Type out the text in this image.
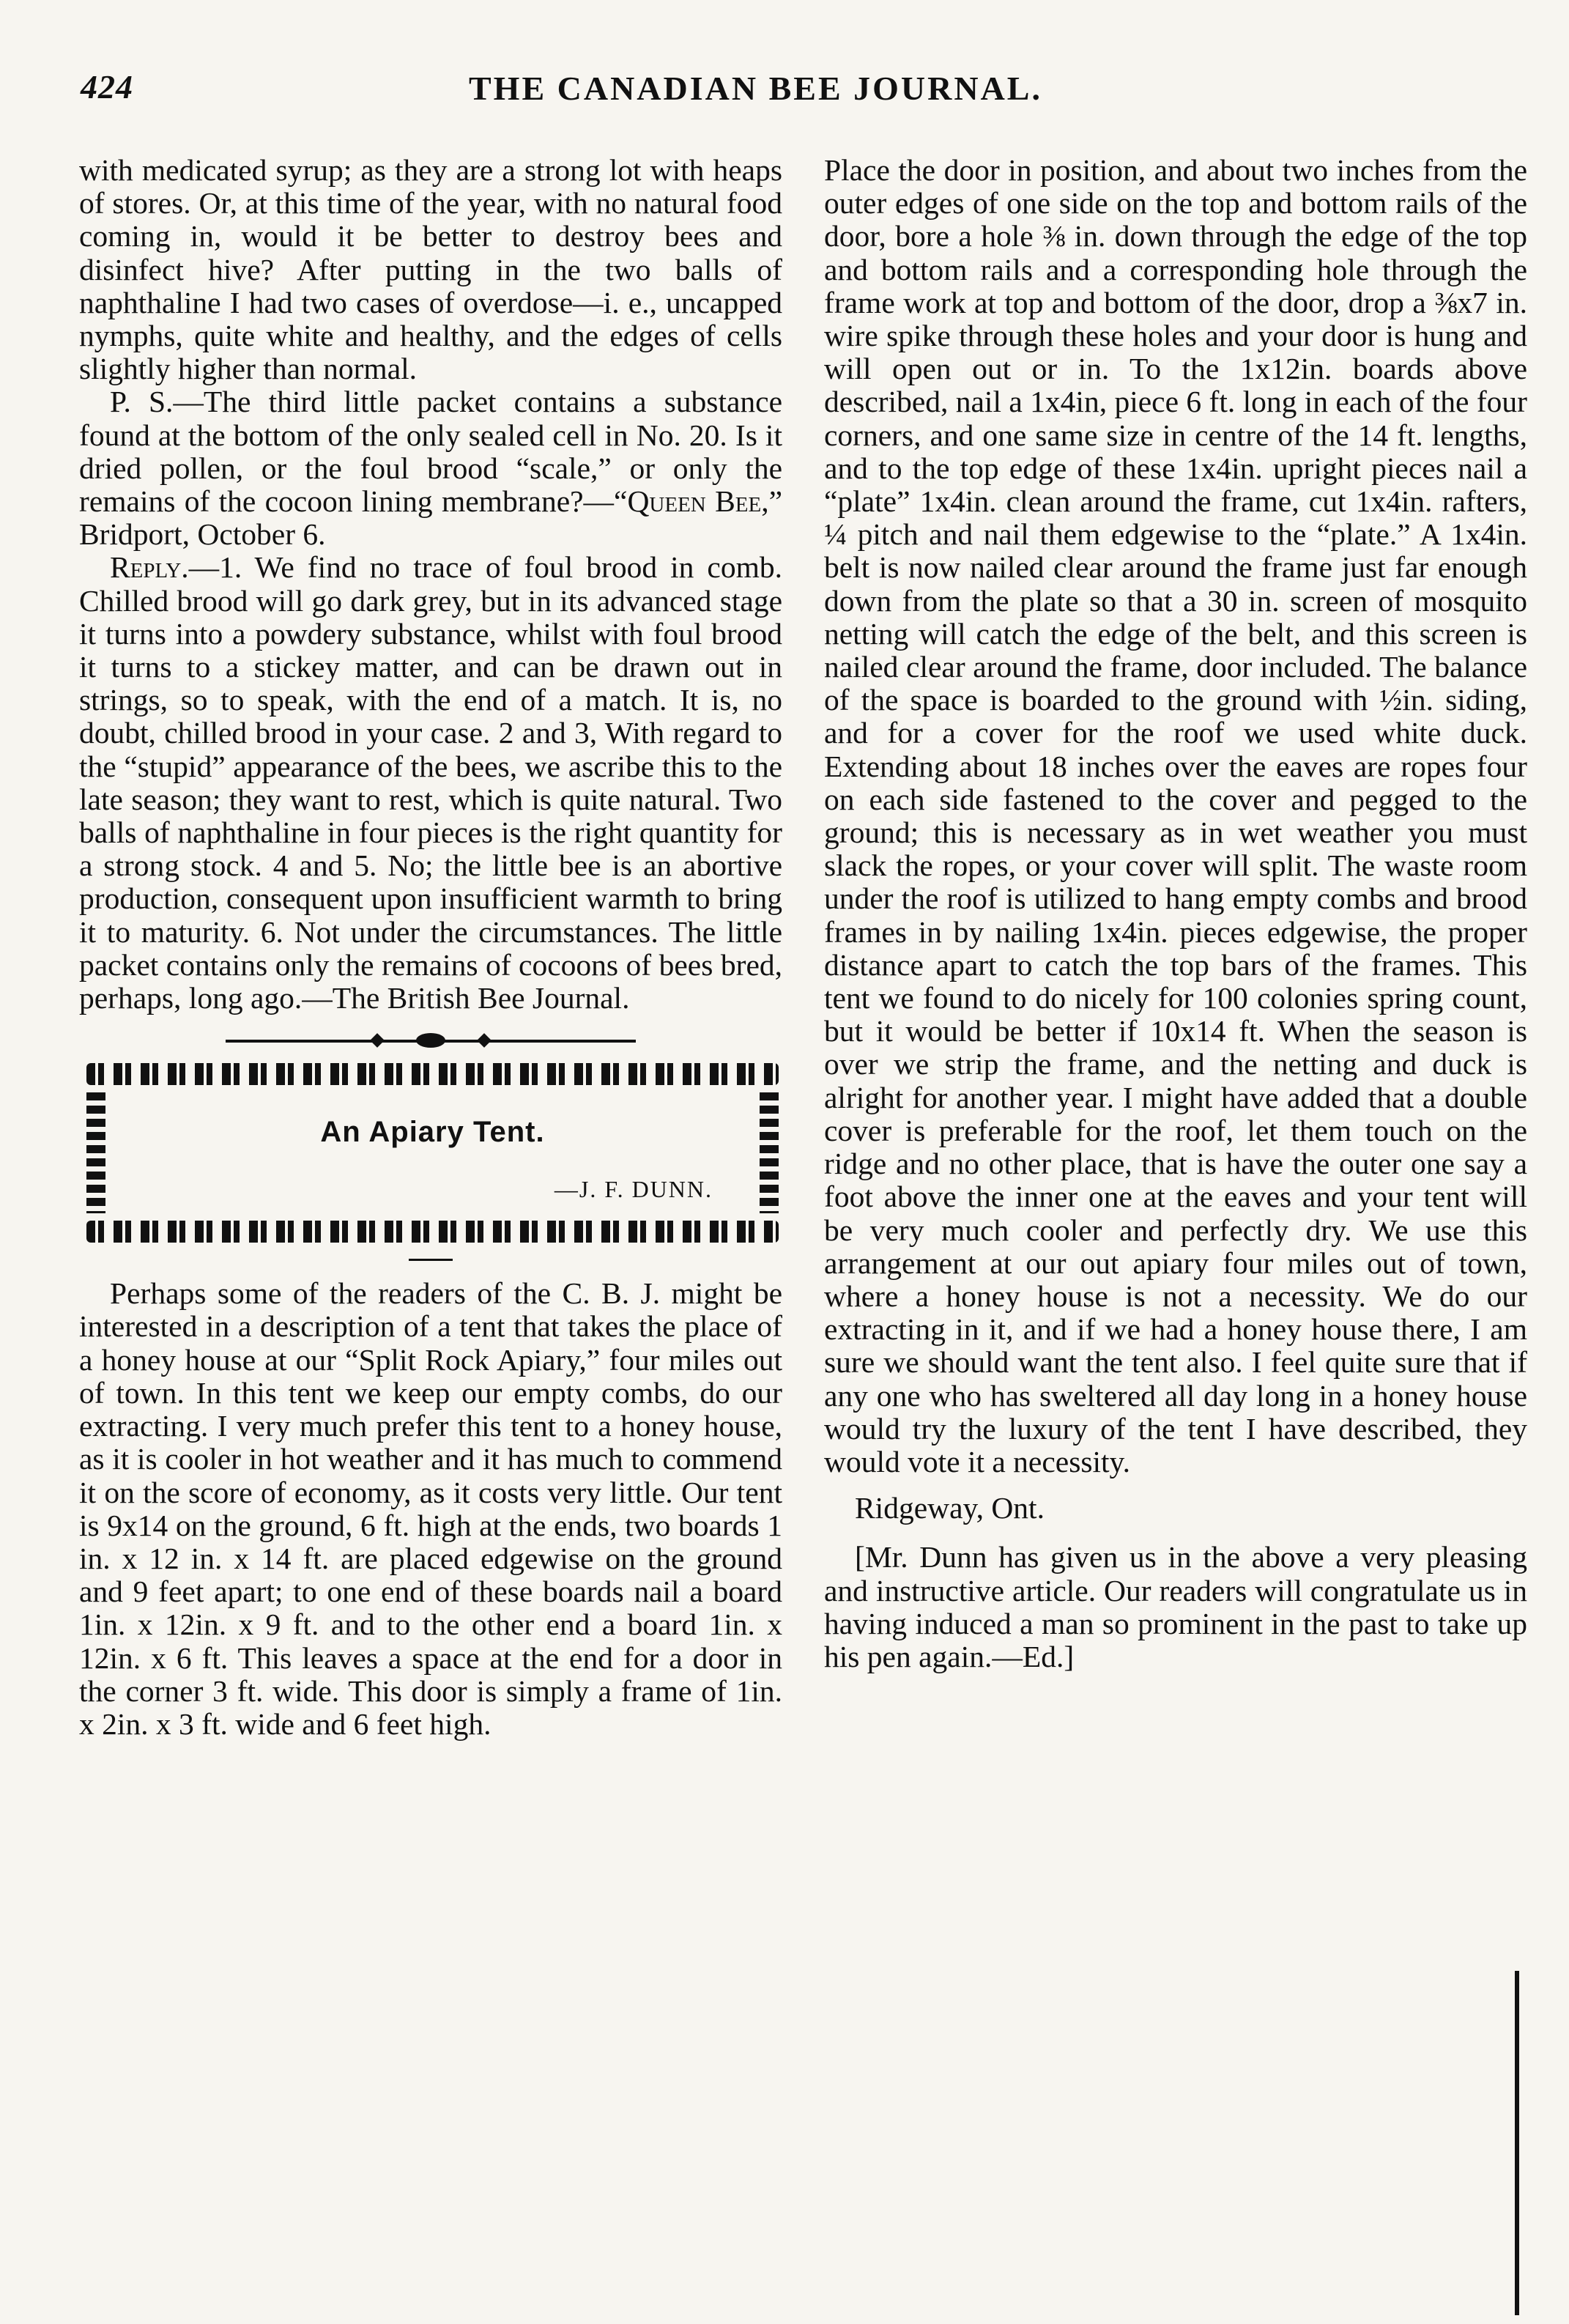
424	THE CANADIAN BEE JOURNAL.

with medicated syrup; as they are a strong lot with heaps of stores. Or, at this time of the year, with no natural food coming in, would it be better to destroy bees and disinfect hive? After putting in the two balls of naphthaline I had two cases of overdose—i. e., uncapped nymphs, quite white and healthy, and the edges of cells slightly higher than normal.

P. S.—The third little packet contains a substance found at the bottom of the only sealed cell in No. 20. Is it dried pollen, or the foul brood “scale,” or only the remains of the cocoon lining membrane?—“Queen Bee,” Bridport, October 6.

Reply.—1. We find no trace of foul brood in comb. Chilled brood will go dark grey, but in its advanced stage it turns into a powdery substance, whilst with foul brood it turns to a stickey matter, and can be drawn out in strings, so to speak, with the end of a match. It is, no doubt, chilled brood in your case. 2 and 3, With regard to the “stupid” appearance of the bees, we ascribe this to the late season; they want to rest, which is quite natural. Two balls of naphthaline in four pieces is the right quantity for a strong stock. 4 and 5. No; the little bee is an abortive production, consequent upon insufficient warmth to bring it to maturity. 6. Not under the circumstances. The little packet contains only the remains of cocoons of bees bred, perhaps, long ago.—The British Bee Journal.

An Apiary Tent.
—J. F. DUNN.

Perhaps some of the readers of the C. B. J. might be interested in a description of a tent that takes the place of a honey house at our “Split Rock Apiary,” four miles out of town. In this tent we keep our empty combs, do our extracting. I very much prefer this tent to a honey house, as it is cooler in hot weather and it has much to commend it on the score of economy, as it costs very little. Our tent is 9x14 on the ground, 6 ft. high at the ends, two boards 1 in. x 12 in. x 14 ft. are placed edgewise on the ground and 9 feet apart; to one end of these boards nail a board 1in. x 12in. x 9 ft. and to the other end a board 1in. x 12in. x 6 ft. This leaves a space at the end for a door in the corner 3 ft. wide. This door is simply a frame of 1in. x 2in. x 3 ft. wide and 6 feet high.

Place the door in position, and about two inches from the outer edges of one side on the top and bottom rails of the door, bore a hole ⅜ in. down through the edge of the top and bottom rails and a corresponding hole through the frame work at top and bottom of the door, drop a ⅜x7 in. wire spike through these holes and your door is hung and will open out or in. To the 1x12in. boards above described, nail a 1x4in, piece 6 ft. long in each of the four corners, and one same size in centre of the 14 ft. lengths, and to the top edge of these 1x4in. upright pieces nail a “plate” 1x4in. clean around the frame, cut 1x4in. rafters, ¼ pitch and nail them edgewise to the “plate.” A 1x4in. belt is now nailed clear around the frame just far enough down from the plate so that a 30 in. screen of mosquito netting will catch the edge of the belt, and this screen is nailed clear around the frame, door included. The balance of the space is boarded to the ground with ½in. siding, and for a cover for the roof we used white duck. Extending about 18 inches over the eaves are ropes four on each side fastened to the cover and pegged to the ground; this is necessary as in wet weather you must slack the ropes, or your cover will split. The waste room under the roof is utilized to hang empty combs and brood frames in by nailing 1x4in. pieces edgewise, the proper distance apart to catch the top bars of the frames. This tent we found to do nicely for 100 colonies spring count, but it would be better if 10x14 ft. When the season is over we strip the frame, and the netting and duck is alright for another year. I might have added that a double cover is preferable for the roof, let them touch on the ridge and no other place, that is have the outer one say a foot above the inner one at the eaves and your tent will be very much cooler and perfectly dry. We use this arrangement at our out apiary four miles out of town, where a honey house is not a necessity. We do our extracting in it, and if we had a honey house there, I am sure we should want the tent also. I feel quite sure that if any one who has sweltered all day long in a honey house would try the luxury of the tent I have described, they would vote it a necessity.

Ridgeway, Ont.

[Mr. Dunn has given us in the above a very pleasing and instructive article. Our readers will congratulate us in having induced a man so prominent in the past to take up his pen again.—Ed.]
